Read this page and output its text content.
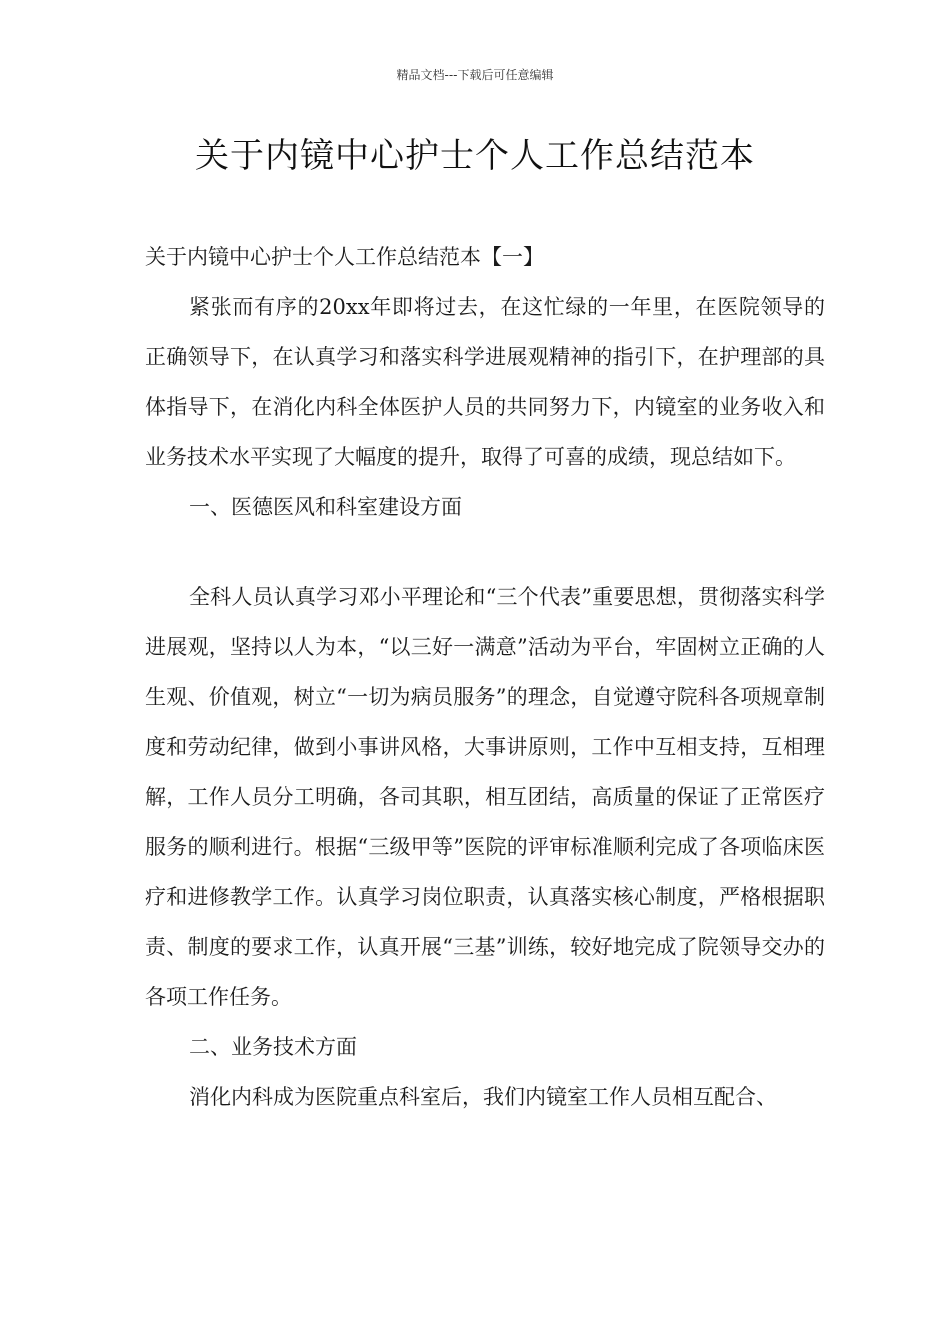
精品文档---下载后可任意编辑
关于内镜中心护士个人工作总结范本

关于内镜中心护士个人工作总结范本【一】

紧张而有序的20xx年即将过去，在这忙绿的一年里，在医院领导的正确领导下，在认真学习和落实科学进展观精神的指引下，在护理部的具体指导下，在消化内科全体医护人员的共同努力下，内镜室的业务收入和业务技术水平实现了大幅度的提升，取得了可喜的成绩，现总结如下。

一、医德医风和科室建设方面

全科人员认真学习邓小平理论和“三个代表”重要思想，贯彻落实科学进展观，坚持以人为本，“以三好一满意”活动为平台，牢固树立正确的人生观、价值观，树立“一切为病员服务”的理念，自觉遵守院科各项规章制度和劳动纪律，做到小事讲风格，大事讲原则，工作中互相支持，互相理解，工作人员分工明确，各司其职，相互团结，高质量的保证了正常医疗服务的顺利进行。根据“三级甲等”医院的评审标准顺利完成了各项临床医疗和进修教学工作。认真学习岗位职责，认真落实核心制度，严格根据职责、制度的要求工作，认真开展“三基”训练，较好地完成了院领导交办的各项工作任务。

二、业务技术方面

消化内科成为医院重点科室后，我们内镜室工作人员相互配合、
